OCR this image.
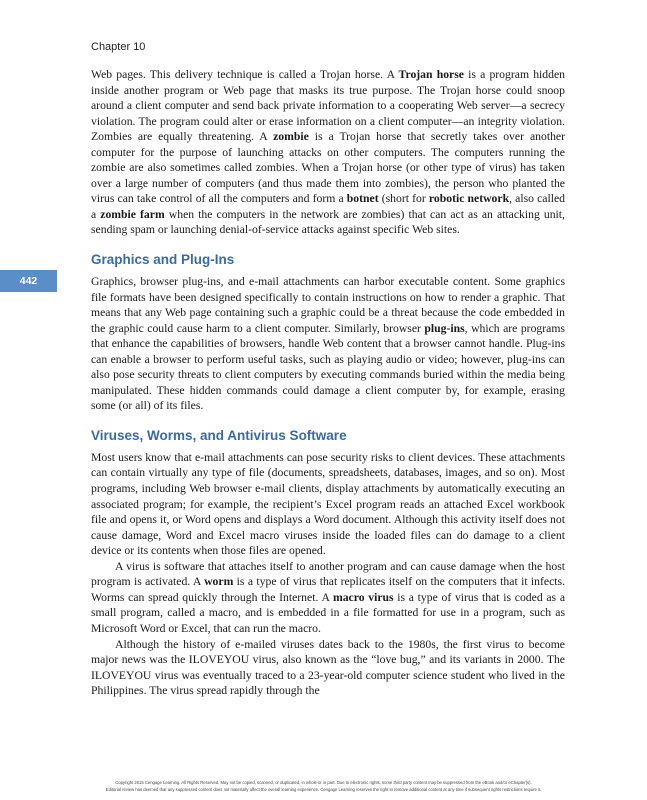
Chapter 10
442

Web pages. This delivery technique is called a Trojan horse. A Trojan horse is a program hidden inside another program or Web page that masks its true purpose. The Trojan horse could snoop around a client computer and send back private information to a cooperating Web server—a secrecy violation. The program could alter or erase information on a client computer—an integrity violation. Zombies are equally threatening. A zombie is a Trojan horse that secretly takes over another computer for the purpose of launching attacks on other computers. The computers running the zombie are also sometimes called zombies. When a Trojan horse (or other type of virus) has taken over a large number of computers (and thus made them into zombies), the person who planted the virus can take control of all the computers and form a botnet (short for robotic network, also called a zombie farm when the computers in the network are zombies) that can act as an attacking unit, sending spam or launching denial-of-service attacks against specific Web sites.

Graphics and Plug-Ins

Graphics, browser plug-ins, and e-mail attachments can harbor executable content. Some graphics file formats have been designed specifically to contain instructions on how to render a graphic. That means that any Web page containing such a graphic could be a threat because the code embedded in the graphic could cause harm to a client computer. Similarly, browser plug-ins, which are programs that enhance the capabilities of browsers, handle Web content that a browser cannot handle. Plug-ins can enable a browser to perform useful tasks, such as playing audio or video; however, plug-ins can also pose security threats to client computers by executing commands buried within the media being manipulated. These hidden commands could damage a client computer by, for example, erasing some (or all) of its files.

Viruses, Worms, and Antivirus Software

Most users know that e-mail attachments can pose security risks to client devices. These attachments can contain virtually any type of file (documents, spreadsheets, databases, images, and so on). Most programs, including Web browser e-mail clients, display attachments by automatically executing an associated program; for example, the recipient’s Excel program reads an attached Excel workbook file and opens it, or Word opens and displays a Word document. Although this activity itself does not cause damage, Word and Excel macro viruses inside the loaded files can do damage to a client device or its contents when those files are opened.

A virus is software that attaches itself to another program and can cause damage when the host program is activated. A worm is a type of virus that replicates itself on the computers that it infects. Worms can spread quickly through the Internet. A macro virus is a type of virus that is coded as a small program, called a macro, and is embedded in a file formatted for use in a program, such as Microsoft Word or Excel, that can run the macro.

Although the history of e-mailed viruses dates back to the 1980s, the first virus to become major news was the ILOVEYOU virus, also known as the “love bug,” and its variants in 2000. The ILOVEYOU virus was eventually traced to a 23-year-old computer science student who lived in the Philippines. The virus spread rapidly through the

Copyright 2015 Cengage Learning. All Rights Reserved. May not be copied, scanned, or duplicated, in whole or in part. Due to electronic rights, some third party content may be suppressed from the eBook and/or eChapter(s).
Editorial review has deemed that any suppressed content does not materially affect the overall learning experience. Cengage Learning reserves the right to remove additional content at any time if subsequent rights restrictions require it.
